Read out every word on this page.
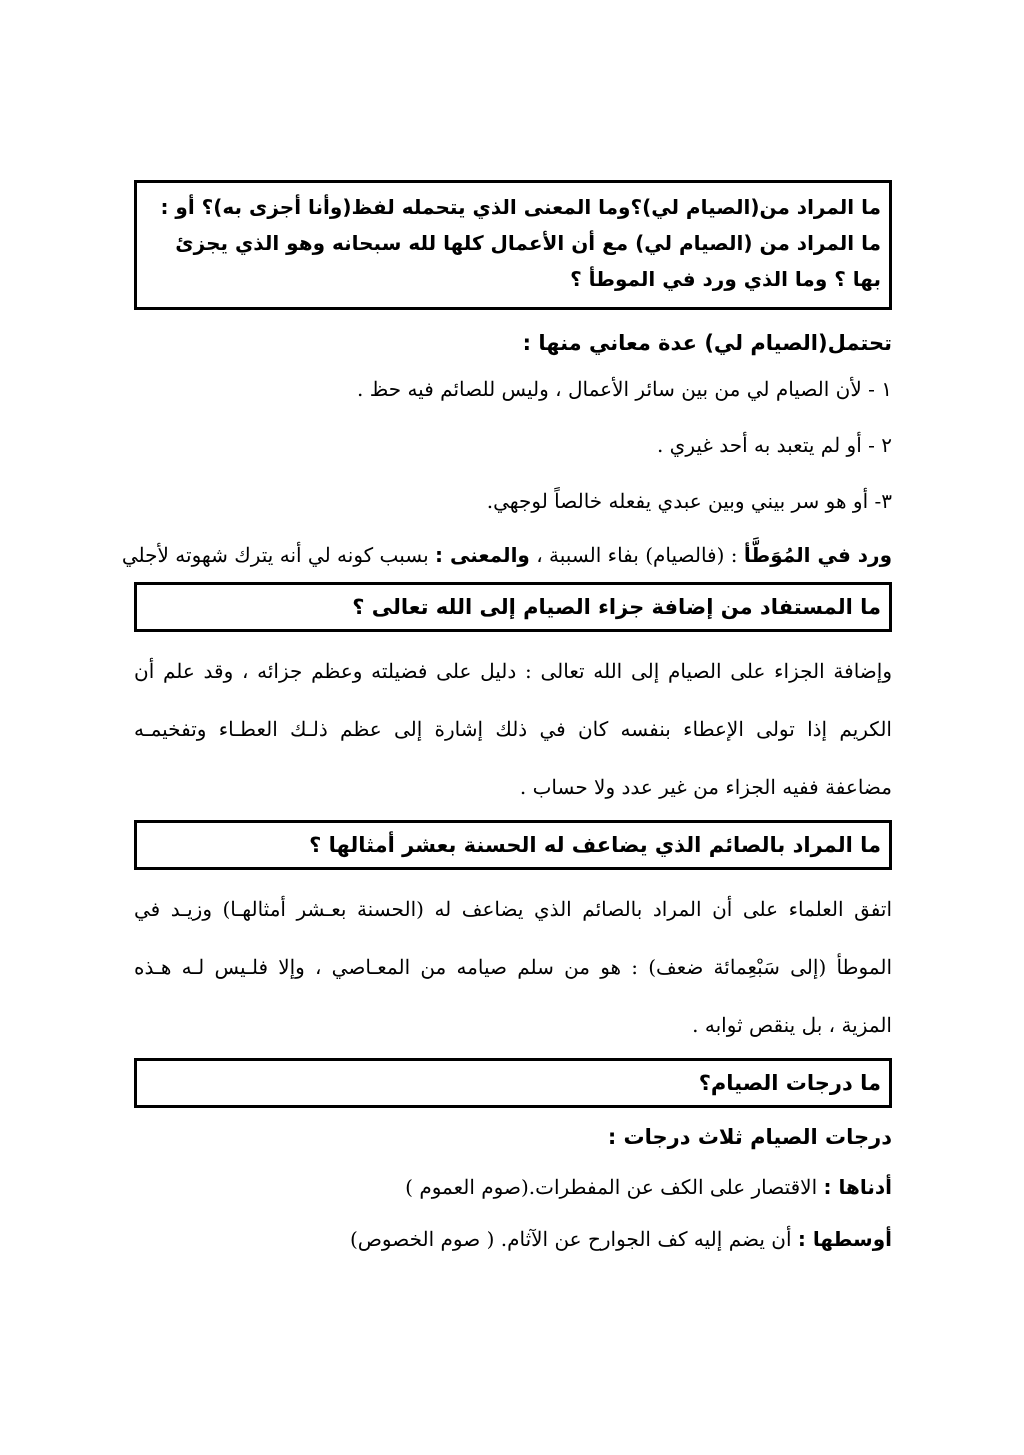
ما المراد من(الصيام لي)؟وما المعنى الذي يتحمله لفظ(وأنا أجزى به)؟ أو :
ما المراد من (الصيام لي) مع أن الأعمال كلها لله سبحانه وهو الذي يجزئ
بها ؟ وما الذي ورد في الموطأ ؟
تحتمل(الصيام لي) عدة معاني منها :
١ - لأن الصيام لي من بين سائر الأعمال ، وليس للصائم فيه حظ .
٢ - أو لم يتعبد به أحد غيري .
٣- أو هو سر بيني وبين عبدي يفعله خالصاً لوجهي.
ورد في المُوَطَّأ : (فالصيام) بفاء السببة ، والمعنى : بسبب كونه لي أنه يترك شهوته لأجلي
ما المستفاد من إضافة جزاء الصيام إلى الله تعالى ؟
وإضافة الجزاء على الصيام إلى الله تعالى : دليل على فضيلته وعظم جزائه ، وقد علم أن
الكريم إذا تولى الإعطاء بنفسه كان في ذلك إشارة إلى عظم ذلـك العطـاء وتفخيمـه
مضاعفة ففيه الجزاء من غير عدد ولا حساب .
ما المراد بالصائم الذي يضاعف له الحسنة بعشر أمثالها ؟
اتفق العلماء على أن المراد بالصائم الذي يضاعف له (الحسنة بعـشر أمثالهـا) وزيـد في
الموطأ (إلى سَبْعِمائة ضعف) : هو من سلم صيامه من المعـاصي ، وإلا فلـيس لـه هـذه
المزية ، بل ينقص ثوابه .
ما درجات الصيام؟
درجات الصيام ثلاث درجات :
أدناها : الاقتصار على الكف عن المفطرات.(صوم العموم )
أوسطها : أن يضم إليه كف الجوارح عن الآثام. ( صوم الخصوص)
